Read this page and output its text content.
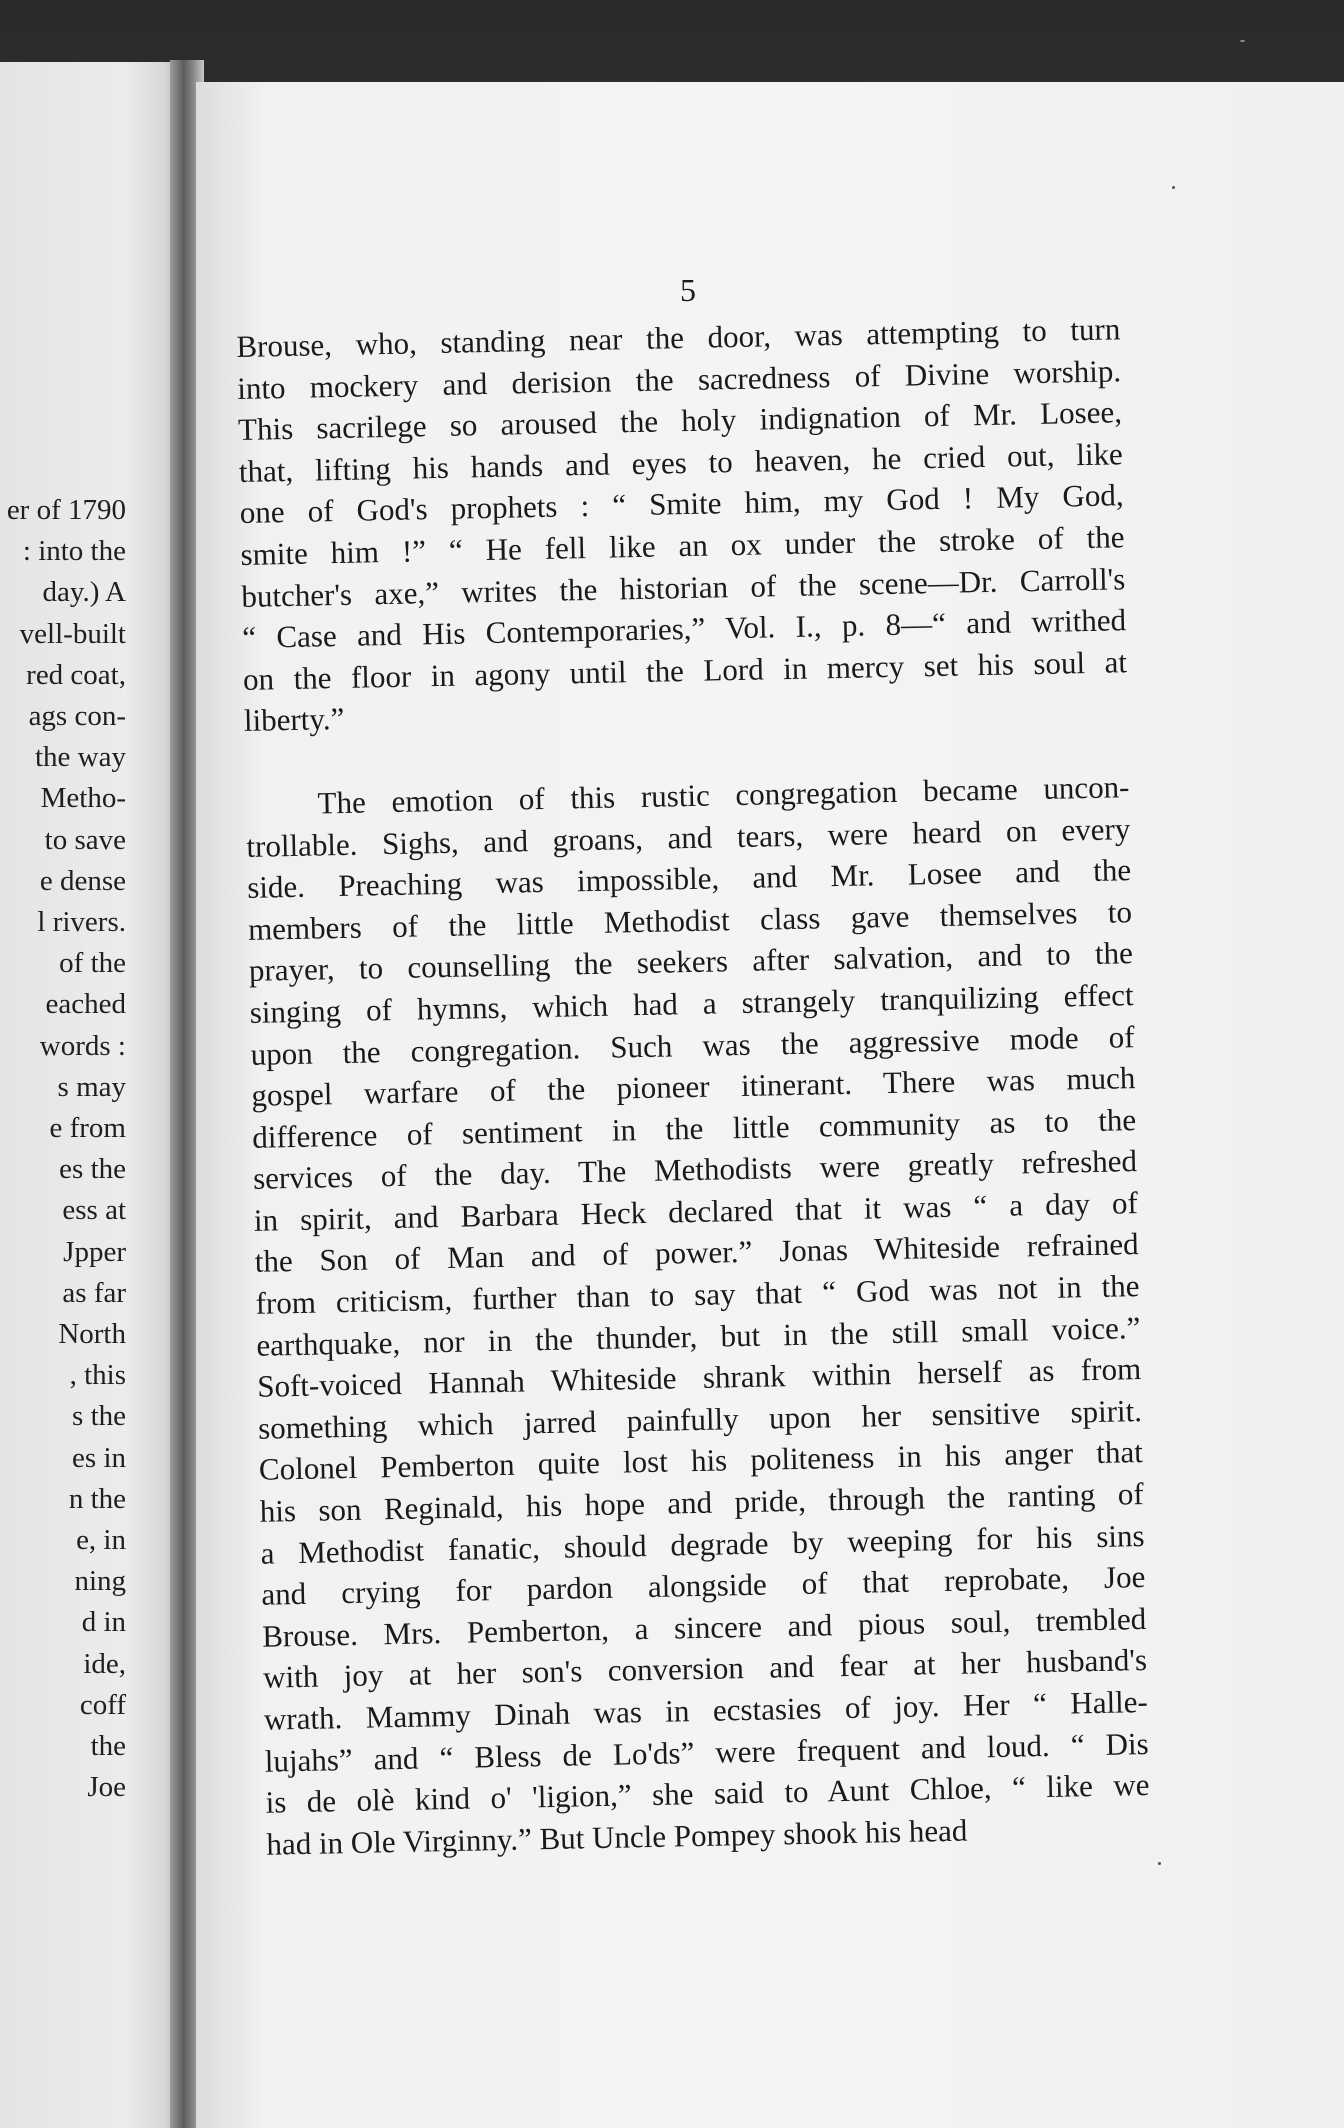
er of 1790
: into the
day.) A
vell-built
red coat,
ags con-
the way
Metho-
to save
e dense
l rivers.
of the
eached
words :
s may
e from
es the
ess at
Jpper
as far
North
, this
s the
es in
n the
e, in
ning
d in
ide,
coff
the
Joe
5
Brouse, who, standing near the door, was attempting to turn
into mockery and derision the sacredness of Divine worship.
This sacrilege so aroused the holy indignation of Mr. Losee,
that, lifting his hands and eyes to heaven, he cried out, like
one of God's prophets : “ Smite him, my God ! My God,
smite him !” “ He fell like an ox under the stroke of the
butcher's axe,” writes the historian of the scene—Dr. Carroll's
“ Case and His Contemporaries,” Vol. I., p. 8—“ and writhed
on the floor in agony until the Lord in mercy set his soul at
liberty.”
The emotion of this rustic congregation became uncon-
trollable. Sighs, and groans, and tears, were heard on every
side. Preaching was impossible, and Mr. Losee and the
members of the little Methodist class gave themselves to
prayer, to counselling the seekers after salvation, and to the
singing of hymns, which had a strangely tranquilizing effect
upon the congregation. Such was the aggressive mode of
gospel warfare of the pioneer itinerant. There was much
difference of sentiment in the little community as to the
services of the day. The Methodists were greatly refreshed
in spirit, and Barbara Heck declared that it was “ a day of
the Son of Man and of power.” Jonas Whiteside refrained
from criticism, further than to say that “ God was not in the
earthquake, nor in the thunder, but in the still small voice.”
Soft-voiced Hannah Whiteside shrank within herself as from
something which jarred painfully upon her sensitive spirit.
Colonel Pemberton quite lost his politeness in his anger that
his son Reginald, his hope and pride, through the ranting of
a Methodist fanatic, should degrade by weeping for his sins
and crying for pardon alongside of that reprobate, Joe
Brouse. Mrs. Pemberton, a sincere and pious soul, trembled
with joy at her son's conversion and fear at her husband's
wrath. Mammy Dinah was in ecstasies of joy. Her “ Halle-
lujahs” and “ Bless de Lo'ds” were frequent and loud. “ Dis
is de olè kind o' 'ligion,” she said to Aunt Chloe, “ like we
had in Ole Virginny.” But Uncle Pompey shook his head
